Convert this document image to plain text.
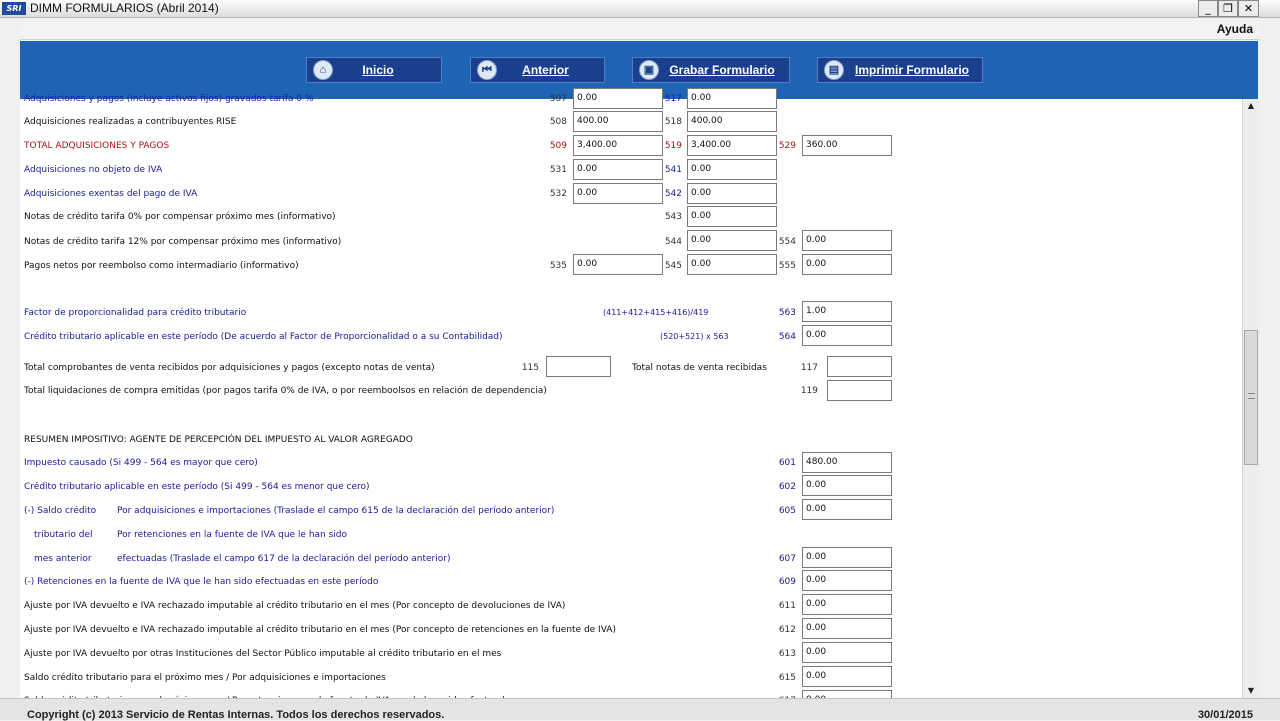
SRI DIMM FORMULARIOS (Abril 2014)	_	❐ ✕
Ayuda
⌂	Inicio	⏮	Anterior	▣	Grabar Formulario	▤	Imprimir Formulario
Adquisiciones y pagos (incluye activos fijos) gravados tarifa 0 %	507	0.00	517	0.00
Adquisiciones realizadas a contribuyentes RISE	508	400.00	518	400.00
TOTAL ADQUISICIONES Y PAGOS	509	3,400.00	519	3,400.00	529	360.00
Adquisiciones no objeto de IVA	531	0.00	541	0.00
Adquisiciones exentas del pago de IVA	532	0.00	542	0.00
Notas de crédito tarifa 0% por compensar próximo mes (informativo)	543	0.00
Notas de crédito tarifa 12% por compensar próximo mes (informativo)	544	0.00	554	0.00
Pagos netos por reembolso como intermadiario (informativo)	535	0.00	545	0.00	555	0.00
Factor de proporcionalidad para crédito tributario	(411+412+415+416)/419	563	1.00
Crédito tributario aplicable en este período (De acuerdo al Factor de Proporcionalidad o a su Contabilidad)	(520+521) x 563	564	0.00
Total comprobantes de venta recibidos por adquisiciones y pagos (excepto notas de venta)	115	Total notas de venta recibidas	117
Total liquidaciones de compra emitidas (por pagos tarifa 0% de IVA, o por reemboolsos en relación de dependencia)	119
RESUMEN IMPOSITIVO: AGENTE DE PERCEPCIÓN DEL IMPUESTO AL VALOR AGREGADO
Impuesto causado (Si 499 - 564 es mayor que cero)	601	480.00
Crédito tributario aplicable en este período (Si 499 - 564 es menor que cero)	602	0.00
(-) Saldo crédito Por adquisiciones e importaciones (Traslade el campo 615 de la declaración del período anterior)	605	0.00
tributario del	Por retenciones en la fuente de IVA que le han sido
mes anterior	efectuadas (Traslade el campo 617 de la declaración del período anterior)	607	0.00
(-) Retenciones en la fuente de IVA que le han sido efectuadas en este período	609	0.00
Ajuste por IVA devuelto e IVA rechazado imputable al crédito tributario en el mes (Por concepto de devoluciones de IVA)	611	0.00
Ajuste por IVA devuelto e IVA rechazado imputable al crédito tributario en el mes (Por concepto de retenciones en la fuente de IVA)	612	0.00
Ajuste por IVA devuelto por otras Instituciones del Sector Público imputable al crédito tributario en el mes	613	0.00
Saldo crédito tributario para el próximo mes / Por adquisiciones e importaciones	615	0.00
▲
▼
Copyright (c) 2013 Servicio de Rentas Internas. Todos los derechos reservados.	30/01/2015
